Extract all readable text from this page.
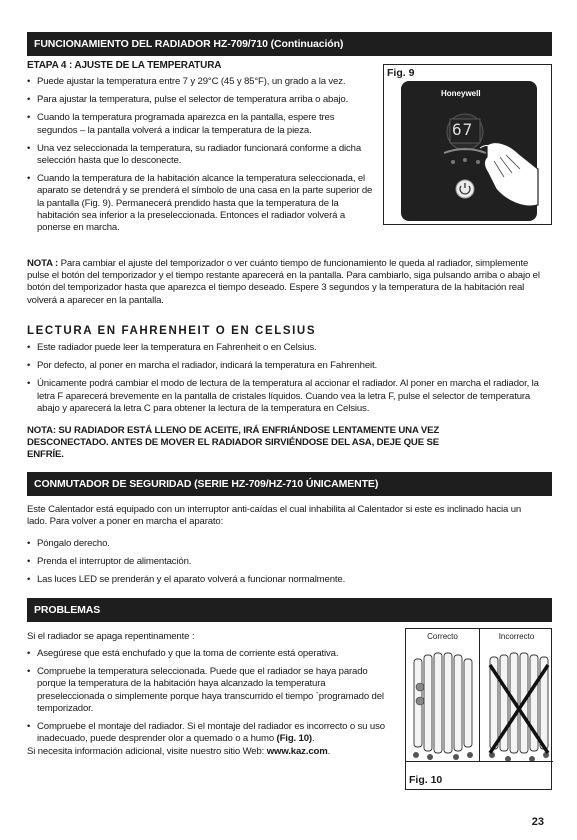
FUNCIONAMIENTO DEL RADIADOR HZ-709/710 (Continuación)
ETAPA 4 : AJUSTE DE LA TEMPERATURA
• Puede ajustar la temperatura entre 7 y 29°C (45 y 85°F), un grado a la vez.
• Para ajustar la temperatura, pulse el selector de temperatura arriba o abajo.
• Cuando la temperatura programada aparezca en la pantalla, espere tres segundos – la pantalla volverá a indicar la temperatura de la pieza.
• Una vez seleccionada la temperatura, su radiador funcionará conforme a dicha selección hasta que lo desconecte.
• Cuando la temperatura de la habitación alcance la temperatura seleccionada, el aparato se detendrá y se prenderá el símbolo de una casa en la parte superior de la pantalla (Fig. 9). Permanecerá prendido hasta que la temperatura de la habitación sea inferior a la preseleccionada. Entonces el radiador volverá a ponerse en marcha.
Fig. 9
Honeywell
67
NOTA : Para cambiar el ajuste del temporizador o ver cuánto tiempo de funcionamiento le queda al radiador, simplemente pulse el botón del temporizador y el tiempo restante aparecerá en la pantalla. Para cambiarlo, siga pulsando arriba o abajo el botón del temporizador hasta que aparezca el tiempo deseado. Espere 3 segundos y la temperatura de la habitación real volverá a aparecer en la pantalla.
LECTURA EN FAHRENHEIT O EN CELSIUS
• Este radiador puede leer la temperatura en Fahrenheit o en Celsius.
• Por defecto, al poner en marcha el radiador, indicará la temperatura en Fahrenheit.
• Únicamente podrá cambiar el modo de lectura de la temperatura al accionar el radiador. Al poner en marcha el radiador, la letra F aparecerá brevemente en la pantalla de cristales líquidos. Cuando vea la letra F, pulse el selector de temperatura abajo y aparecerá la letra C para obtener la lectura de la temperatura en Celsius.
NOTA: SU RADIADOR ESTÁ LLENO DE ACEITE, IRÁ ENFRIÁNDOSE LENTAMENTE UNA VEZ DESCONECTADO. ANTES DE MOVER EL RADIADOR SIRVIÉNDOSE DEL ASA, DEJE QUE SE ENFRÍE.
CONMUTADOR DE SEGURIDAD (SERIE HZ-709/HZ-710 ÚNICAMENTE)
Este Calentador está equipado con un interruptor anti-caídas el cual inhabilita al Calentador si este es inclinado hacia un lado. Para volver a poner en marcha el aparato:
• Póngalo derecho.
• Prenda el interruptor de alimentación.
• Las luces LED se prenderán y el aparato volverá a funcionar normalmente.
PROBLEMAS
Si el radiador se apaga repentinamente :
• Asegúrese que está enchufado y que la toma de corriente está operativa.
• Compruebe la temperatura seleccionada. Puede que el radiador se haya parado porque la temperatura de la habitación haya alcanzado la temperatura preseleccionada o simplemente porque haya transcurrido el tiempo `programado del temporizador.
• Compruebe el montaje del radiador. Si el montaje del radiador es incorrecto o su uso inadecuado, puede desprender olor a quemado o a humo (Fig. 10).
Si necesita información adicional, visite nuestro sitio Web: www.kaz.com.
Correcto	Incorrecto
Fig. 10
23
